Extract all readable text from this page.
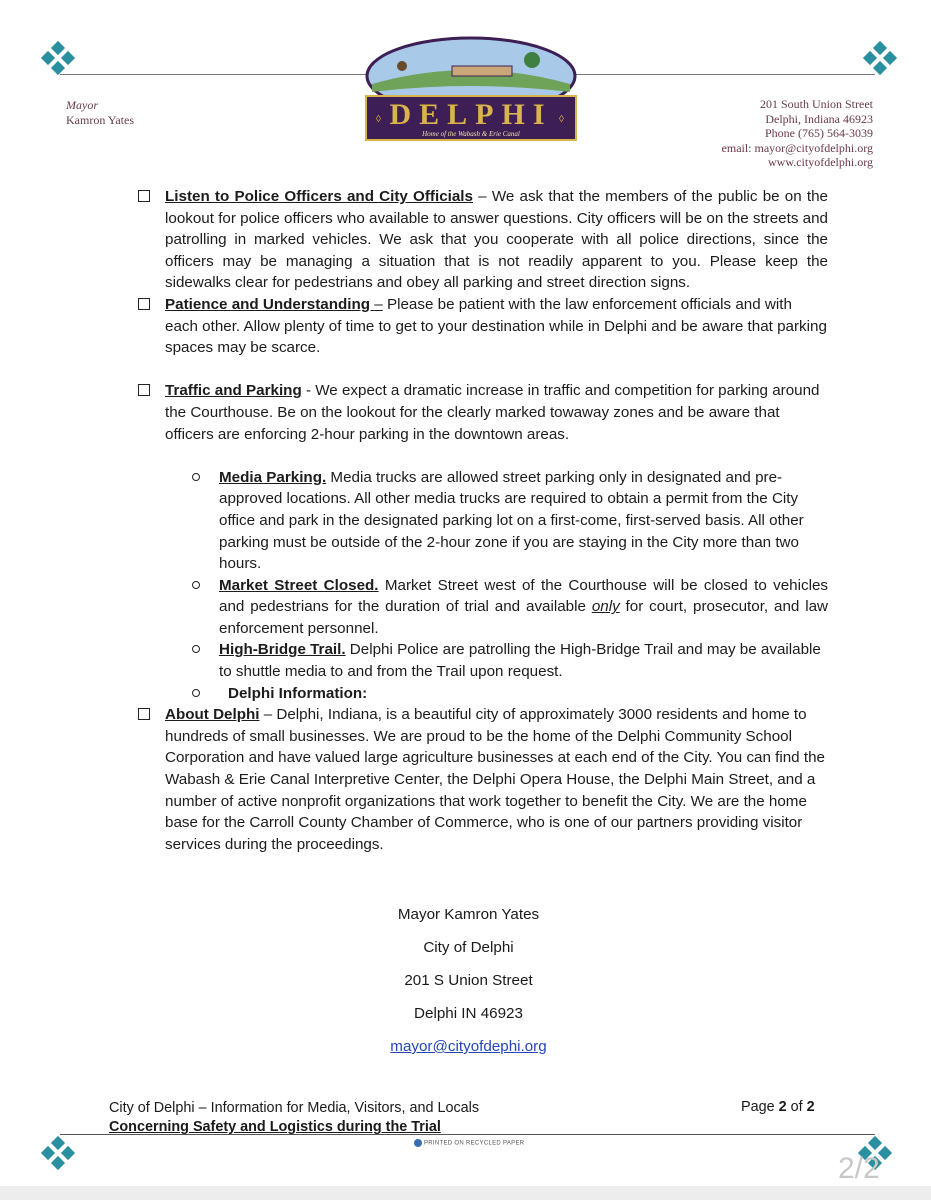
Mayor
Kamron Yates	DELPHI
Home of the Wabash & Erie Canal
◊	◊
201 South Union Street
Delphi, Indiana 46923
Phone (765) 564-3039
email: mayor@cityofdelphi.org
www.cityofdelphi.org
Listen to Police Officers and City Officials – We ask that the members of the public be on the lookout for police officers who available to answer questions. City officers will be on the streets and patrolling in marked vehicles. We ask that you cooperate with all police directions, since the officers may be managing a situation that is not readily apparent to you. Please keep the sidewalks clear for pedestrians and obey all parking and street direction signs.
Patience and Understanding – Please be patient with the law enforcement officials and with each other. Allow plenty of time to get to your destination while in Delphi and be aware that parking spaces may be scarce.
Traffic and Parking - We expect a dramatic increase in traffic and competition for parking around the Courthouse. Be on the lookout for the clearly marked towaway zones and be aware that officers are enforcing 2-hour parking in the downtown areas.
Media Parking. Media trucks are allowed street parking only in designated and pre-approved locations. All other media trucks are required to obtain a permit from the City office and park in the designated parking lot on a first-come, first-served basis. All other parking must be outside of the 2-hour zone if you are staying in the City more than two hours.
Market Street Closed. Market Street west of the Courthouse will be closed to vehicles and pedestrians for the duration of trial and available only for court, prosecutor, and law enforcement personnel.
High-Bridge Trail. Delphi Police are patrolling the High-Bridge Trail and may be available to shuttle media to and from the Trail upon request.
Delphi Information:
About Delphi – Delphi, Indiana, is a beautiful city of approximately 3000 residents and home to hundreds of small businesses. We are proud to be the home of the Delphi Community School Corporation and have valued large agriculture businesses at each end of the City. You can find the Wabash & Erie Canal Interpretive Center, the Delphi Opera House, the Delphi Main Street, and a number of active nonprofit organizations that work together to benefit the City. We are the home base for the Carroll County Chamber of Commerce, who is one of our partners providing visitor services during the proceedings.
Mayor Kamron Yates
City of Delphi
201 S Union Street
Delphi IN 46923
mayor@cityofdephi.org
City of Delphi – Information for Media, Visitors, and Locals
Concerning Safety and Logistics during the Trial
Page 2 of 2
PRINTED ON RECYCLED PAPER
2/2
